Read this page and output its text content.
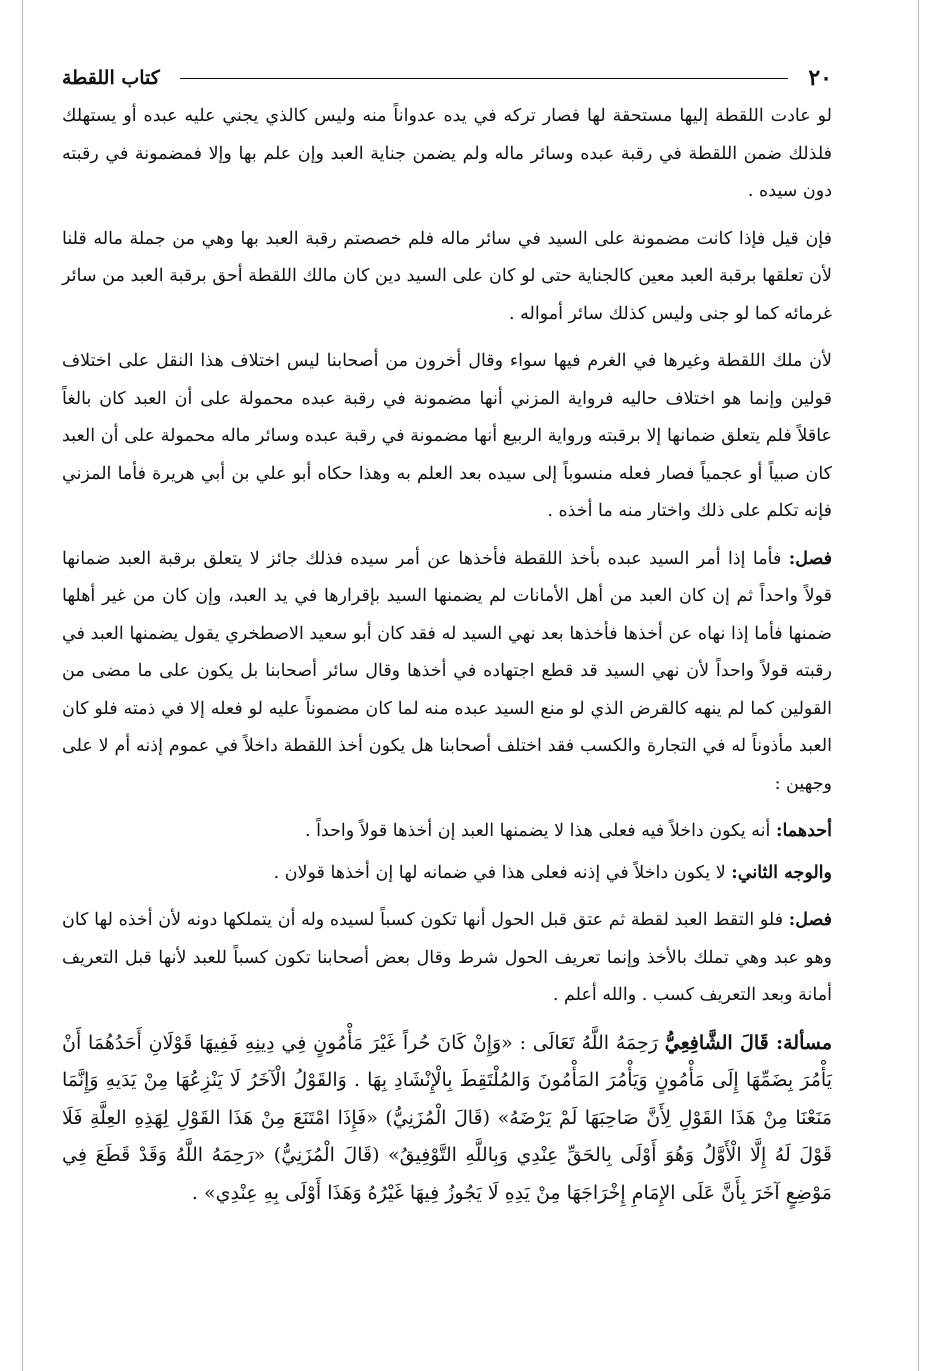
٢٠
كتاب اللقطة

لو عادت اللقطة إليها مستحقة لها فصار تركه في يده عدواناً منه وليس كالذي يجني عليه عبده أو يستهلك فلذلك ضمن اللقطة في رقبة عبده وسائر ماله ولم يضمن جناية العبد وإن علم بها وإلا فمضمونة في رقبته دون سيده .

فإن قيل فإذا كانت مضمونة على السيد في سائر ماله فلم خصصتم رقبة العبد بها وهي من جملة ماله قلنا لأن تعلقها برقبة العبد معين كالجناية حتى لو كان على السيد دين كان مالك اللقطة أحق برقبة العبد من سائر غرمائه كما لو جنى وليس كذلك سائر أمواله .

لأن ملك اللقطة وغيرها في الغرم فيها سواء وقال أخرون من أصحابنا ليس اختلاف هذا النقل على اختلاف قولين وإنما هو اختلاف حاليه فرواية المزني أنها مضمونة في رقبة عبده محمولة على أن العبد كان بالغاً عاقلاً فلم يتعلق ضمانها إلا برقبته ورواية الربيع أنها مضمونة في رقبة عبده وسائر ماله محمولة على أن العبد كان صبياً أو عجمياً فصار فعله منسوباً إلى سيده بعد العلم به وهذا حكاه أبو علي بن أبي هريرة فأما المزني فإنه تكلم على ذلك واختار منه ما أخذه .

فصل: فأما إذا أمر السيد عبده بأخذ اللقطة فأخذها عن أمر سيده فذلك جائز لا يتعلق برقبة العبد ضمانها قولاً واحداً ثم إن كان العبد من أهل الأمانات لم يضمنها السيد بإقرارها في يد العبد، وإن كان من غير أهلها ضمنها فأما إذا نهاه عن أخذها فأخذها بعد نهي السيد له فقد كان أبو سعيد الاصطخري يقول يضمنها العبد في رقبته قولاً واحداً لأن نهي السيد قد قطع اجتهاده في أخذها وقال سائر أصحابنا بل يكون على ما مضى من القولين كما لم ينهه كالقرض الذي لو منع السيد عبده منه لما كان مضموناً عليه لو فعله إلا في ذمته فلو كان العبد مأذوناً له في التجارة والكسب فقد اختلف أصحابنا هل يكون أخذ اللقطة داخلاً في عموم إذنه أم لا على وجهين :

أحدهما: أنه يكون داخلاً فيه فعلى هذا لا يضمنها العبد إن أخذها قولاً واحداً .

والوجه الثاني: لا يكون داخلاً في إذنه فعلى هذا في ضمانه لها إن أخذها قولان .

فصل: فلو التقط العبد لقطة ثم عتق قبل الحول أنها تكون كسباً لسيده وله أن يتملكها دونه لأن أخذه لها كان وهو عبد وهي تملك بالأخذ وإنما تعريف الحول شرط وقال بعض أصحابنا تكون كسباً للعبد لأنها قبل التعريف أمانة وبعد التعريف كسب . والله أعلم .

مسألة: قَالَ الشَّافِعِيُّ رَحِمَهُ اللَّهُ تَعَالَى : «وَإِنْ كَانَ حُراً غَيْرَ مَأْمُونٍ فِي دِينِهِ فَفِيهَا قَوْلَانِ أَحَدُهُمَا أَنْ يَأْمُرَ بِضَمِّهَا إِلَى مَأْمُونٍ وَيَأْمُرَ المَأْمُونَ وَالمُلْتَقِطَ بِالْإِنْشَادِ بِهَا . وَالقَوْلُ الْآخَرُ لَا يَنْزِعُهَا مِنْ يَدَيهِ وَإِنَّمَا مَنَعْنَا مِنْ هَذَا القَوْلِ لِأَنَّ صَاحِبَهَا لَمْ يَرْضَهُ» (قَالَ الْمُزَنِيُّ) «فَإِذَا امْتَنَعَ مِنْ هَذَا القَوْلِ لِهَذِهِ العِلَّةِ فَلَا قَوْلَ لَهُ إِلَّا الْأَوَّلُ وَهُوَ أَوْلَى بِالحَقِّ عِنْدِي وَبِاللَّهِ التَّوْفِيقُ» (قَالَ الْمُزَنِيُّ) «رَحِمَهُ اللَّهُ وَقَدْ قَطَعَ فِي مَوْضِعٍ آخَرَ بِأَنَّ عَلَى الإِمَامِ إِخْرَاجَهَا مِنْ يَدِهِ لَا يَجُوزُ فِيهَا غَيْرُهُ وَهَذَا أَوْلَى بِهِ عِنْدِي» .
